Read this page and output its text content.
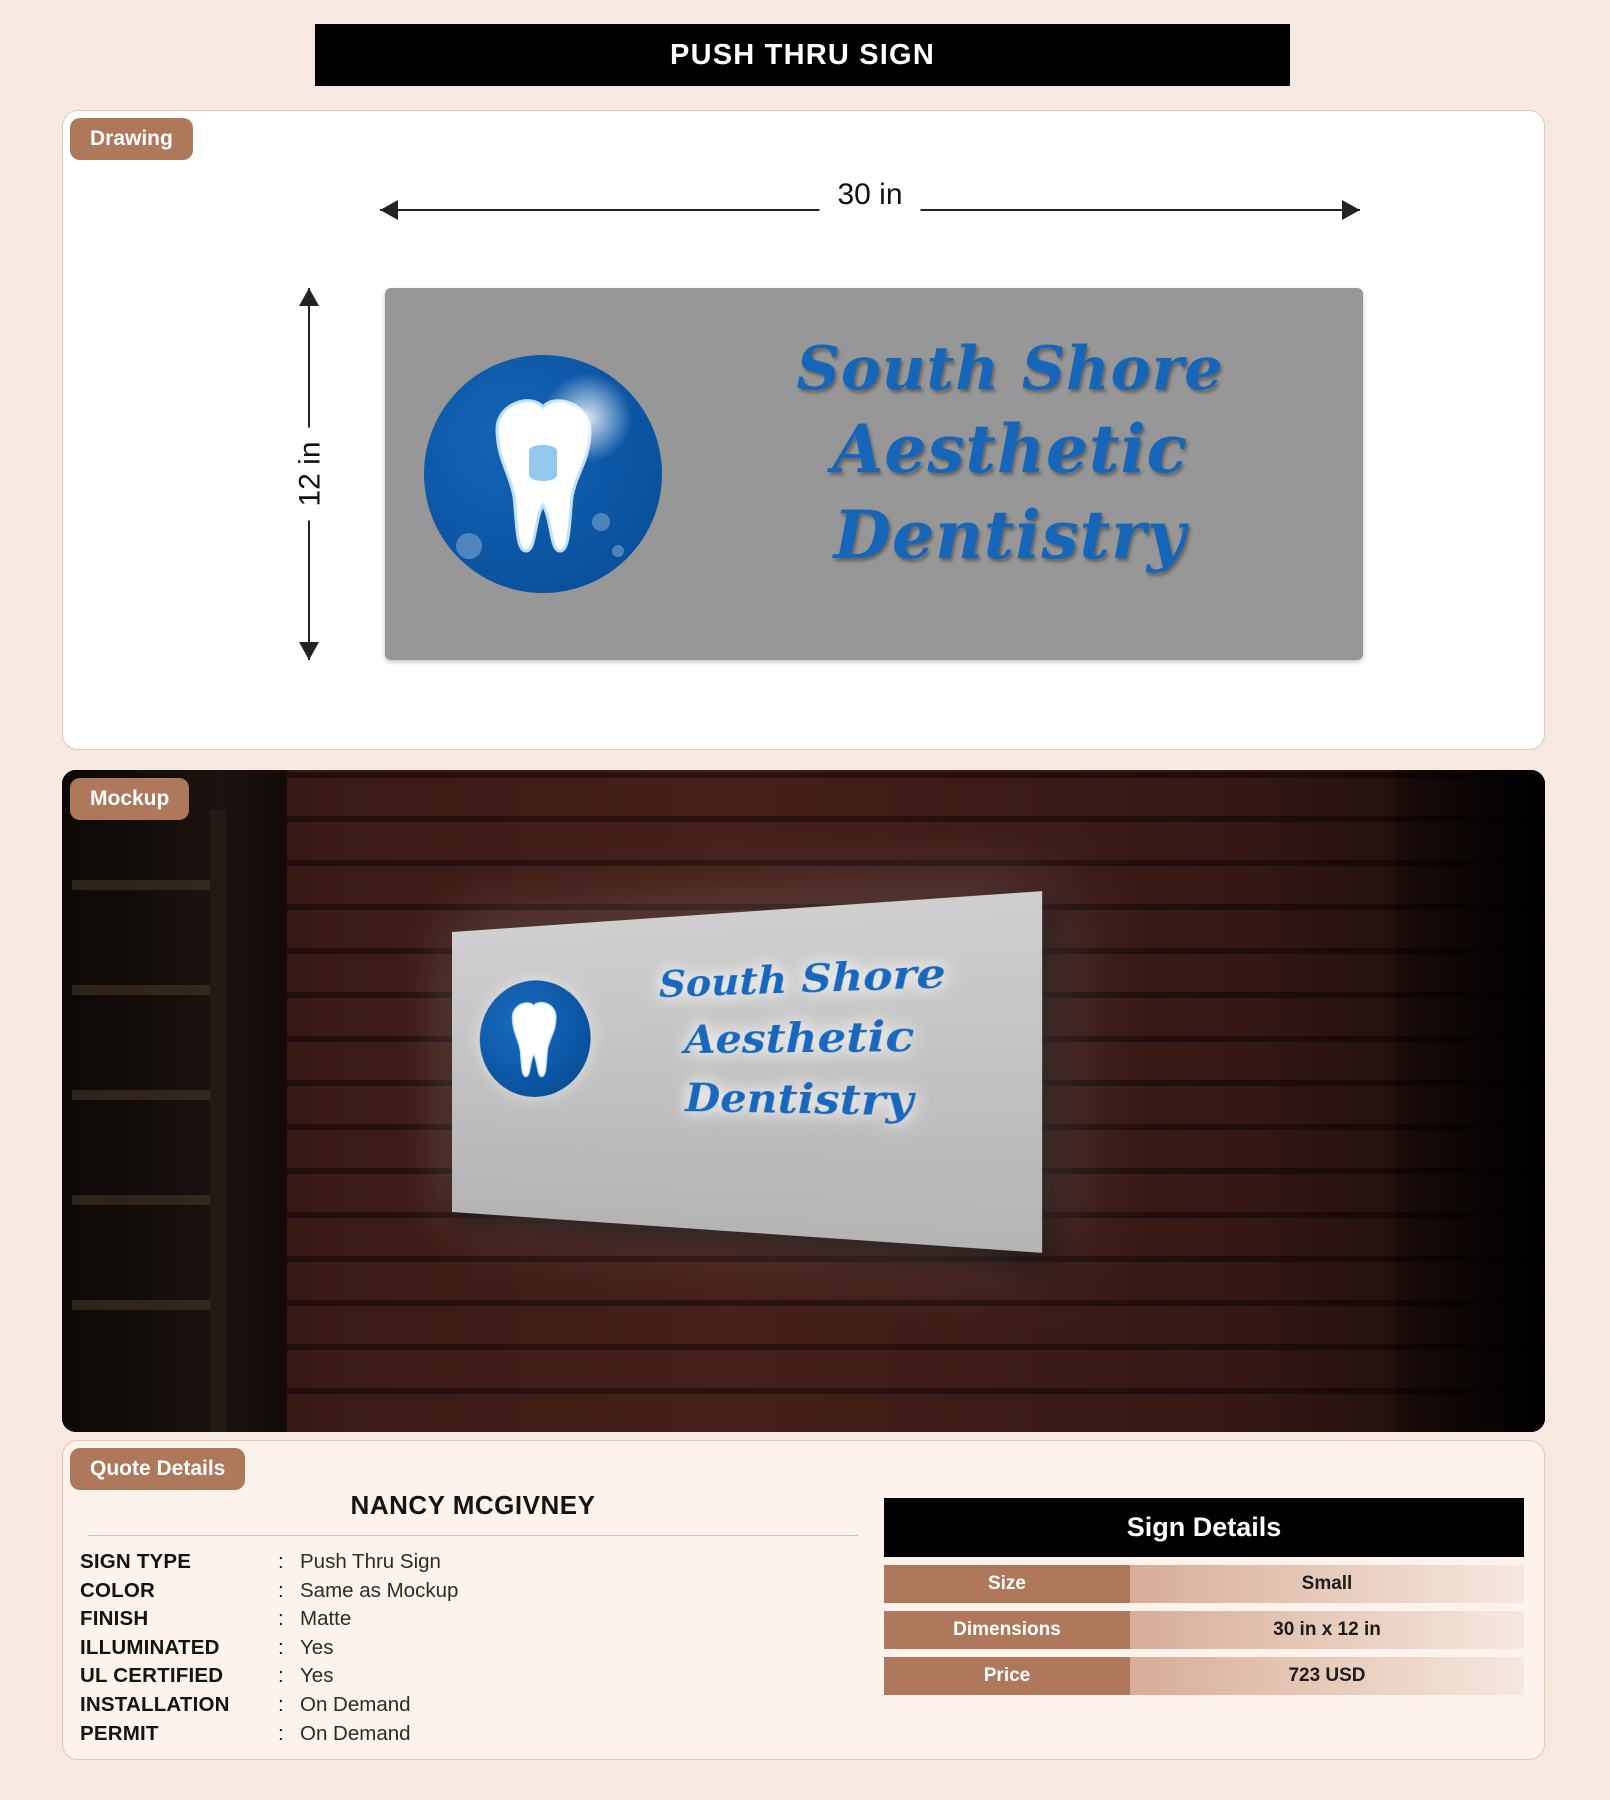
PUSH THRU SIGN
Drawing
30 in
12 in
South Shore
Aesthetic Dentistry
Mockup
South Shore
Aesthetic Dentistry
Quote Details
NANCY MCGIVNEY
SIGN TYPE	: Push Thru Sign
COLOR	: Same as Mockup
FINISH	: Matte
ILLUMINATED	: Yes
UL CERTIFIED	: Yes
INSTALLATION	: On Demand
PERMIT	: On Demand
Sign Details
Size	Small
Dimensions	30 in x 12 in
Price	723 USD
